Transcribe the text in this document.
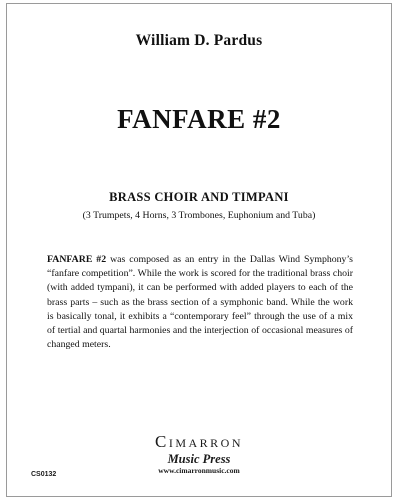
William D. Pardus
FANFARE #2
BRASS CHOIR AND TIMPANI
(3 Trumpets, 4 Horns, 3 Trombones, Euphonium and Tuba)

FANFARE #2 was composed as an entry in the Dallas Wind Symphony’s “fanfare competition”. While the work is scored for the traditional brass choir (with added tympani), it can be performed with added players to each of the brass parts – such as the brass section of a symphonic band. While the work is basically tonal, it exhibits a “contemporary feel” through the use of a mix of tertial and quartal harmonies and the interjection of occasional measures of changed meters.

Cimarron
Music Press
www.cimarronmusic.com
CS0132
